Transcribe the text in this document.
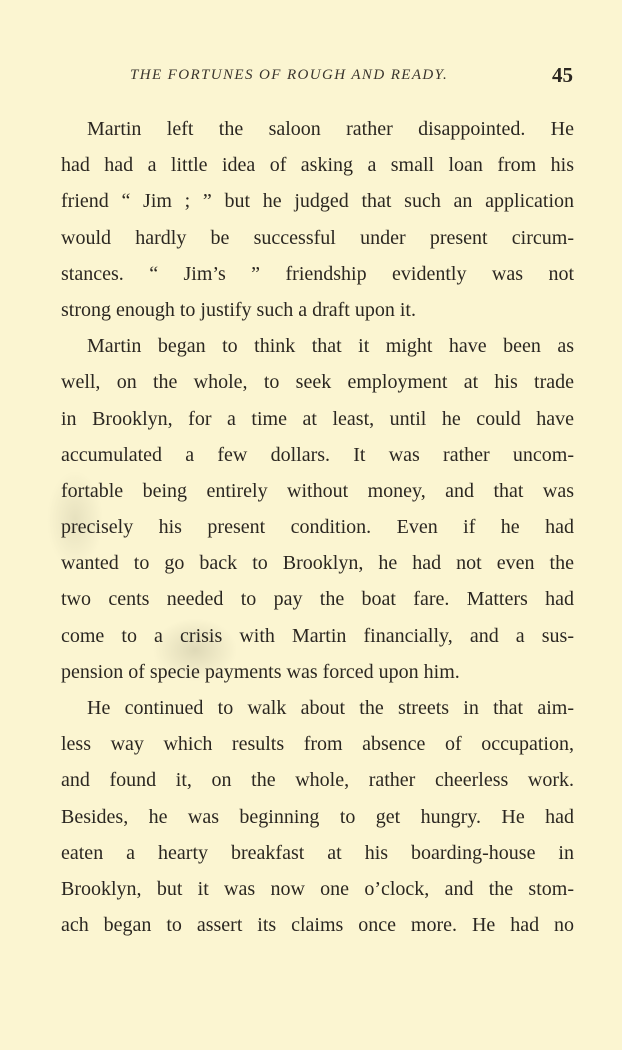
THE FORTUNES OF ROUGH AND READY.	45
Martin left the saloon rather disappointed. He
had had a little idea of asking a small loan from his
friend “ Jim ; ” but he judged that such an application
would hardly be successful under present circum-
stances. “ Jim’s ” friendship evidently was not
strong enough to justify such a draft upon it.
Martin began to think that it might have been as
well, on the whole, to seek employment at his trade
in Brooklyn, for a time at least, until he could have
accumulated a few dollars. It was rather uncom-
fortable being entirely without money, and that was
precisely his present condition. Even if he had
wanted to go back to Brooklyn, he had not even the
two cents needed to pay the boat fare. Matters had
come to a crisis with Martin financially, and a sus-
pension of specie payments was forced upon him.
He continued to walk about the streets in that aim-
less way which results from absence of occupation,
and found it, on the whole, rather cheerless work.
Besides, he was beginning to get hungry. He had
eaten a hearty breakfast at his boarding-house in
Brooklyn, but it was now one o’clock, and the stom-
ach began to assert its claims once more. He had no
